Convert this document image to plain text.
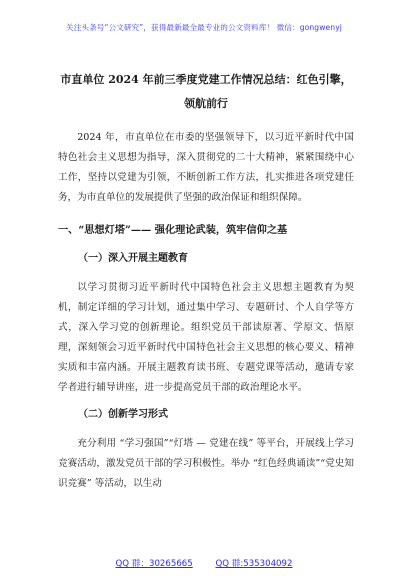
关注头条号“公文研究”，获得最新最全最专业的公文资料库！ 微信：gongwenyj
市直单位 2024 年前三季度党建工作情况总结：红色引擎，领航前行

2024 年，市直单位在市委的坚强领导下，以习近平新时代中国特色社会主义思想为指导，深入贯彻党的二十大精神，紧紧围绕中心工作，坚持以党建为引领，不断创新工作方法，扎实推进各项党建任务，为市直单位的发展提供了坚强的政治保证和组织保障。

一、“思想灯塔”—— 强化理论武装，筑牢信仰之基
（一）深入开展主题教育

以学习贯彻习近平新时代中国特色社会主义思想主题教育为契机，制定详细的学习计划，通过集中学习、专题研讨、个人自学等方式，深入学习党的创新理论。组织党员干部读原著、学原文、悟原理，深刻领会习近平新时代中国特色社会主义思想的核心要义、精神实质和丰富内涵。开展主题教育读书班、专题党课等活动，邀请专家学者进行辅导讲座，进一步提高党员干部的政治理论水平。

（二）创新学习形式

充分利用 “学习强国”“灯塔 — 党建在线” 等平台，开展线上学习竞赛活动，激发党员干部的学习积极性。举办 “红色经典诵读”“党史知识竞赛” 等活动，以生动

QQ 群：30265665	QQ 群:535304092
